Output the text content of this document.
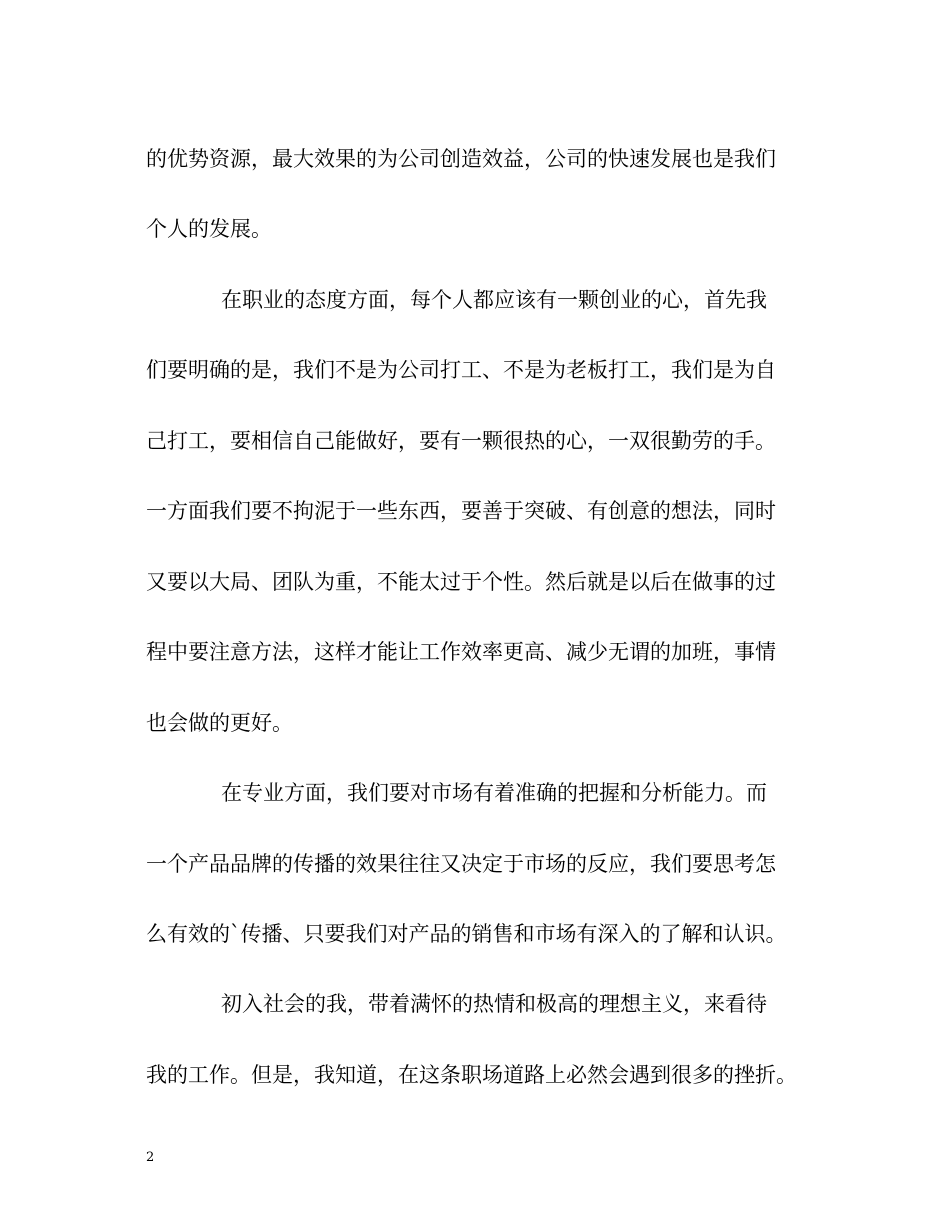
的优势资源，最大效果的为公司创造效益，公司的快速发展也是我们
个人的发展。
在职业的态度方面，每个人都应该有一颗创业的心，首先我
们要明确的是，我们不是为公司打工、不是为老板打工，我们是为自
己打工，要相信自己能做好，要有一颗很热的心，一双很勤劳的手。
一方面我们要不拘泥于一些东西，要善于突破、有创意的想法，同时
又要以大局、团队为重，不能太过于个性。然后就是以后在做事的过
程中要注意方法，这样才能让工作效率更高、减少无谓的加班，事情
也会做的更好。
在专业方面，我们要对市场有着准确的把握和分析能力。而
一个产品品牌的传播的效果往往又决定于市场的反应，我们要思考怎
么有效的`传播、只要我们对产品的销售和市场有深入的了解和认识。
初入社会的我，带着满怀的热情和极高的理想主义，来看待
我的工作。但是，我知道，在这条职场道路上必然会遇到很多的挫折。
2
